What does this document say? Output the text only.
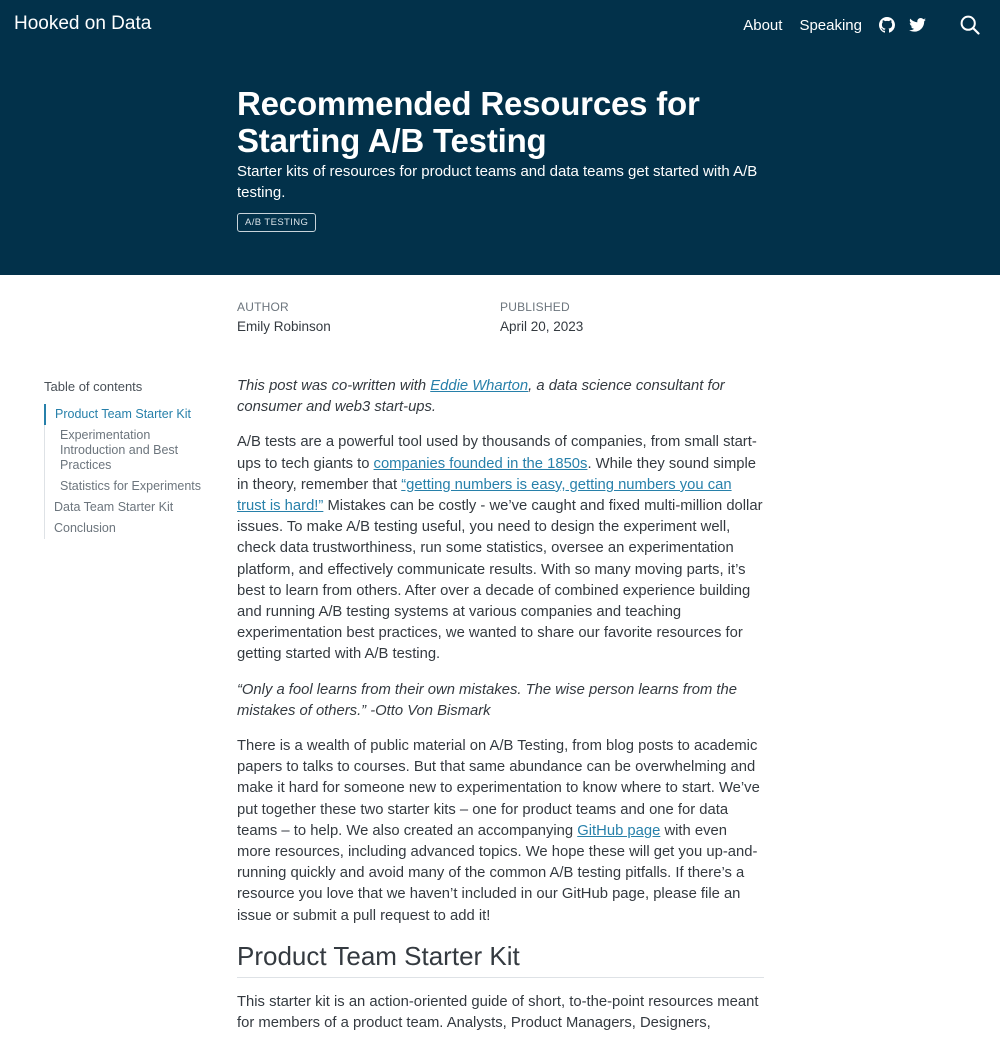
Hooked on Data	About Speaking
Recommended Resources for Starting A/B Testing
Starter kits of resources for product teams and data teams get started with A/B testing.
A/B TESTING
AUTHOR
Emily Robinson
PUBLISHED
April 20, 2023
Table of contents
Product Team Starter Kit
Experimentation Introduction and Best Practices
Statistics for Experiments
Data Team Starter Kit
Conclusion

This post was co-written with Eddie Wharton, a data science consultant for consumer and web3 start-ups.

A/B tests are a powerful tool used by thousands of companies, from small start-ups to tech giants to companies founded in the 1850s. While they sound simple in theory, remember that “getting numbers is easy, getting numbers you can trust is hard!” Mistakes can be costly - we’ve caught and fixed multi-million dollar issues. To make A/B testing useful, you need to design the experiment well, check data trustworthiness, run some statistics, oversee an experimentation platform, and effectively communicate results. With so many moving parts, it’s best to learn from others. After over a decade of combined experience building and running A/B testing systems at various companies and teaching experimentation best practices, we wanted to share our favorite resources for getting started with A/B testing.

“Only a fool learns from their own mistakes. The wise person learns from the mistakes of others.” -Otto Von Bismark

There is a wealth of public material on A/B Testing, from blog posts to academic papers to talks to courses. But that same abundance can be overwhelming and make it hard for someone new to experimentation to know where to start. We’ve put together these two starter kits – one for product teams and one for data teams – to help. We also created an accompanying GitHub page with even more resources, including advanced topics. We hope these will get you up-and-running quickly and avoid many of the common A/B testing pitfalls. If there’s a resource you love that we haven’t included in our GitHub page, please file an issue or submit a pull request to add it!

Product Team Starter Kit

This starter kit is an action-oriented guide of short, to-the-point resources meant for members of a product team. Analysts, Product Managers, Designers,
